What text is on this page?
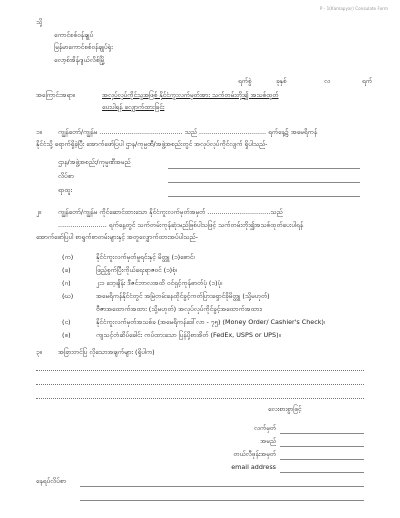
P - 1(Kamapyar) Consulate Form
သို့
ကောင်စစ်ဝန်ချုပ်
မြန်မာကောင်စစ်ဝန်ချုပ်ရုံး
လော့စ်အိန်ဂျယ်လိစ်မြို့
ရက်စွဲ	ခုနှစ်	လ	ရက်
အကြောင်းအရာ။	အလုပ်လုပ်ကိုင်သူအဖြစ် နိုင်ငံကူးလက်မှတ်အား သက်တမ်းတိုး၍ အသစ်ထုတ်
ပေးပါရန် လျှောက်ထားခြင်း
၁။	ကျွန်တော်/ကျွန်မ ......................................... သည် ................................. ရက်နေ့၌ အမေရိကန်
နိုင်ငံသို့ ရောက်ရှိခဲ့ပြီး အောက်ဖော်ပြပါ ဌာန/ကုမ္ပဏီ/အဖွဲ့အစည်းတွင် အလုပ်လုပ်ကိုင်လျက် ရှိပါသည်-
ဌာန/အဖွဲ့အစည်း/ကုမ္ပဏီအမည်
လိပ်စာ
ရာထူး
၂။	ကျွန်တော်/ကျွန်မ ကိုင်ဆောင်ထားသော နိုင်ငံကူးလက်မှတ်အမှတ် ...............................သည်
........................ ရက်နေ့တွင် သက်တမ်းကုန်ဆုံးမည်ဖြစ်ပါသဖြင့် သက်တမ်းတိုး၍အသစ်ထုတ်ပေးပါရန်
အောက်ဖော်ပြပါ စာရွက်စာတမ်းများနှင့် အတူလျှောက်ထားအပ်ပါသည်-
(က)	နိုင်ငံကူးလက်မှတ်မူရင်းနှင့် မိတ္တူ (၁)စောင်၊
(ခ)	ဖြည့်စွက်ပြီးကိုယ်ရေးရာဇဝင် (၁)စုံ၊
(ဂ)	၂း၁ ဘေ့ချိန်း ဒီဇင်ဘာလအထိ ဝင်ရှင့်ကုန်ဓာတ်ပုံ (၁)ပုံ၊
(ဃ)	အမေရိကန်နိုင်ငံတွင် အမြဲတမ်းနေထိုင်ခွင့်ကတ်ပြားရှောင်ခိုမိတ္တူ (သို့မဟုတ်)
ဗီဇာအထောက်အထား (သို့မဟုတ်) အလုပ်လုပ်ကိုင်ခွင့်အထောက်အထား၊
(င)	နိုင်ငံကူးလက်မှတ်အသစ်ခ (အမေရိကန်ဒေါ်လာ - ၇၅) (Money Order/ Cashier's Check)၊
(စ)	ကျသင့်တံဆိပ်ခေါင်း ကပ်ထားသော ပြန်ပို့စာအိတ် (FedEx, USPS or UPS)။
၃။	အခြားတင်ပြ လိုသောအချက်များ (ရှိပါက)
လေးစားစွာဖြင့်
လက်မှတ်
အမည်
တယ်လီဖုန်းအမှတ်
email address
နေရပ်လိပ်စာ
